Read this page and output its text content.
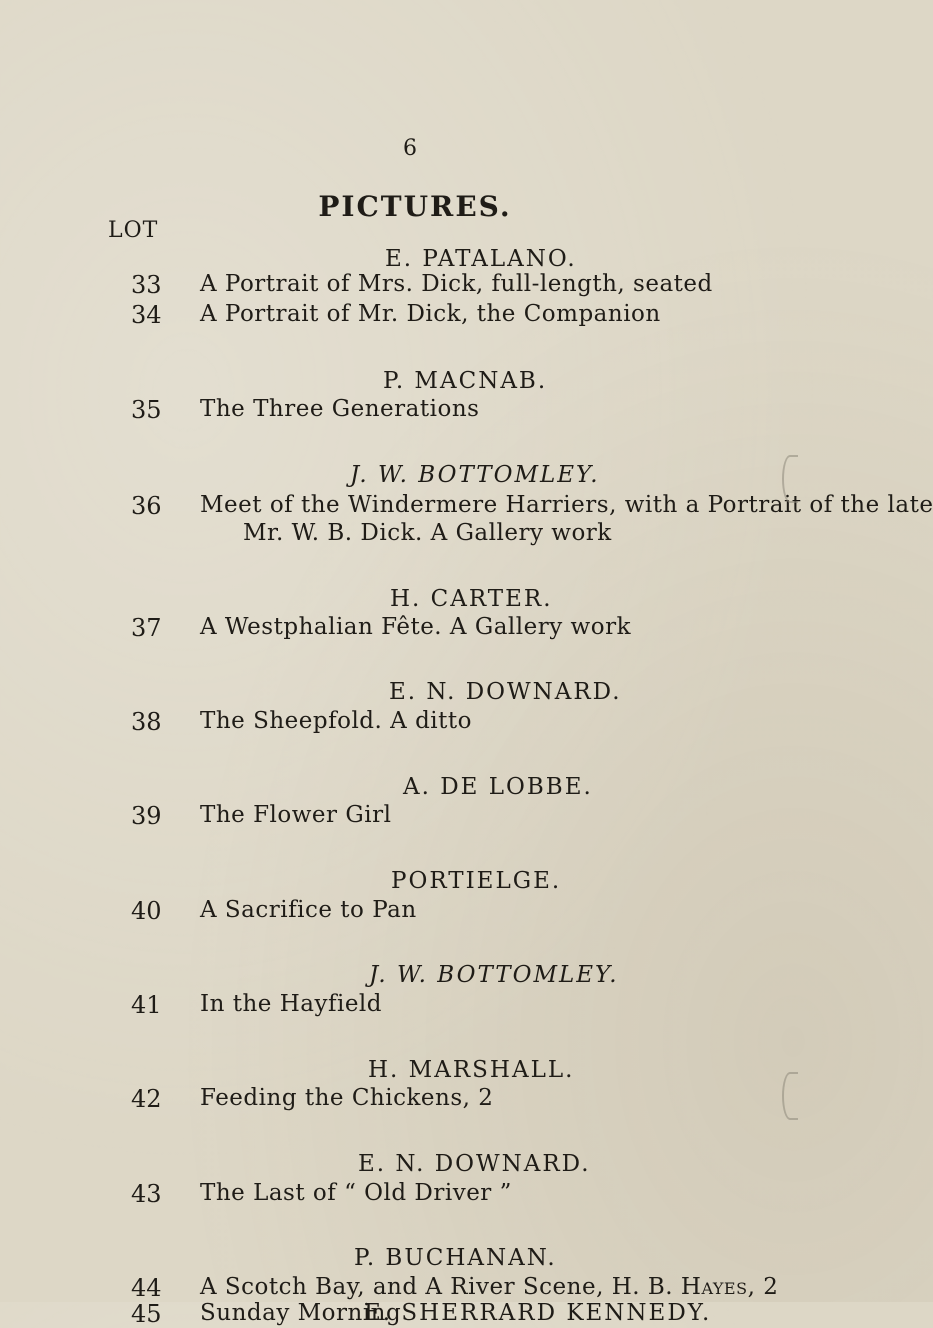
6
PICTURES.
LOT
E. PATALANO.
33 A Portrait of Mrs. Dick, full-length, seated
34 A Portrait of Mr. Dick, the Companion
P. MACNAB.
35 The Three Generations
J. W. BOTTOMLEY.
36 Meet of the Windermere Harriers, with a Portrait of the late
Mr. W. B. Dick. A Gallery work
H. CARTER.
37 A Westphalian Fête. A Gallery work
E. N. DOWNARD.
38 The Sheepfold. A ditto
A. DE LOBBE.
39 The Flower Girl
PORTIELGE.
40 A Sacrifice to Pan
J. W. BOTTOMLEY.
41 In the Hayfield
H. MARSHALL.
42 Feeding the Chickens, 2
E. N. DOWNARD.
43 The Last of “ Old Driver ”
P. BUCHANAN.
44 A Scotch Bay, and A River Scene, H. B. Hayes, 2
E. SHERRARD KENNEDY.
45 Sunday Morning
